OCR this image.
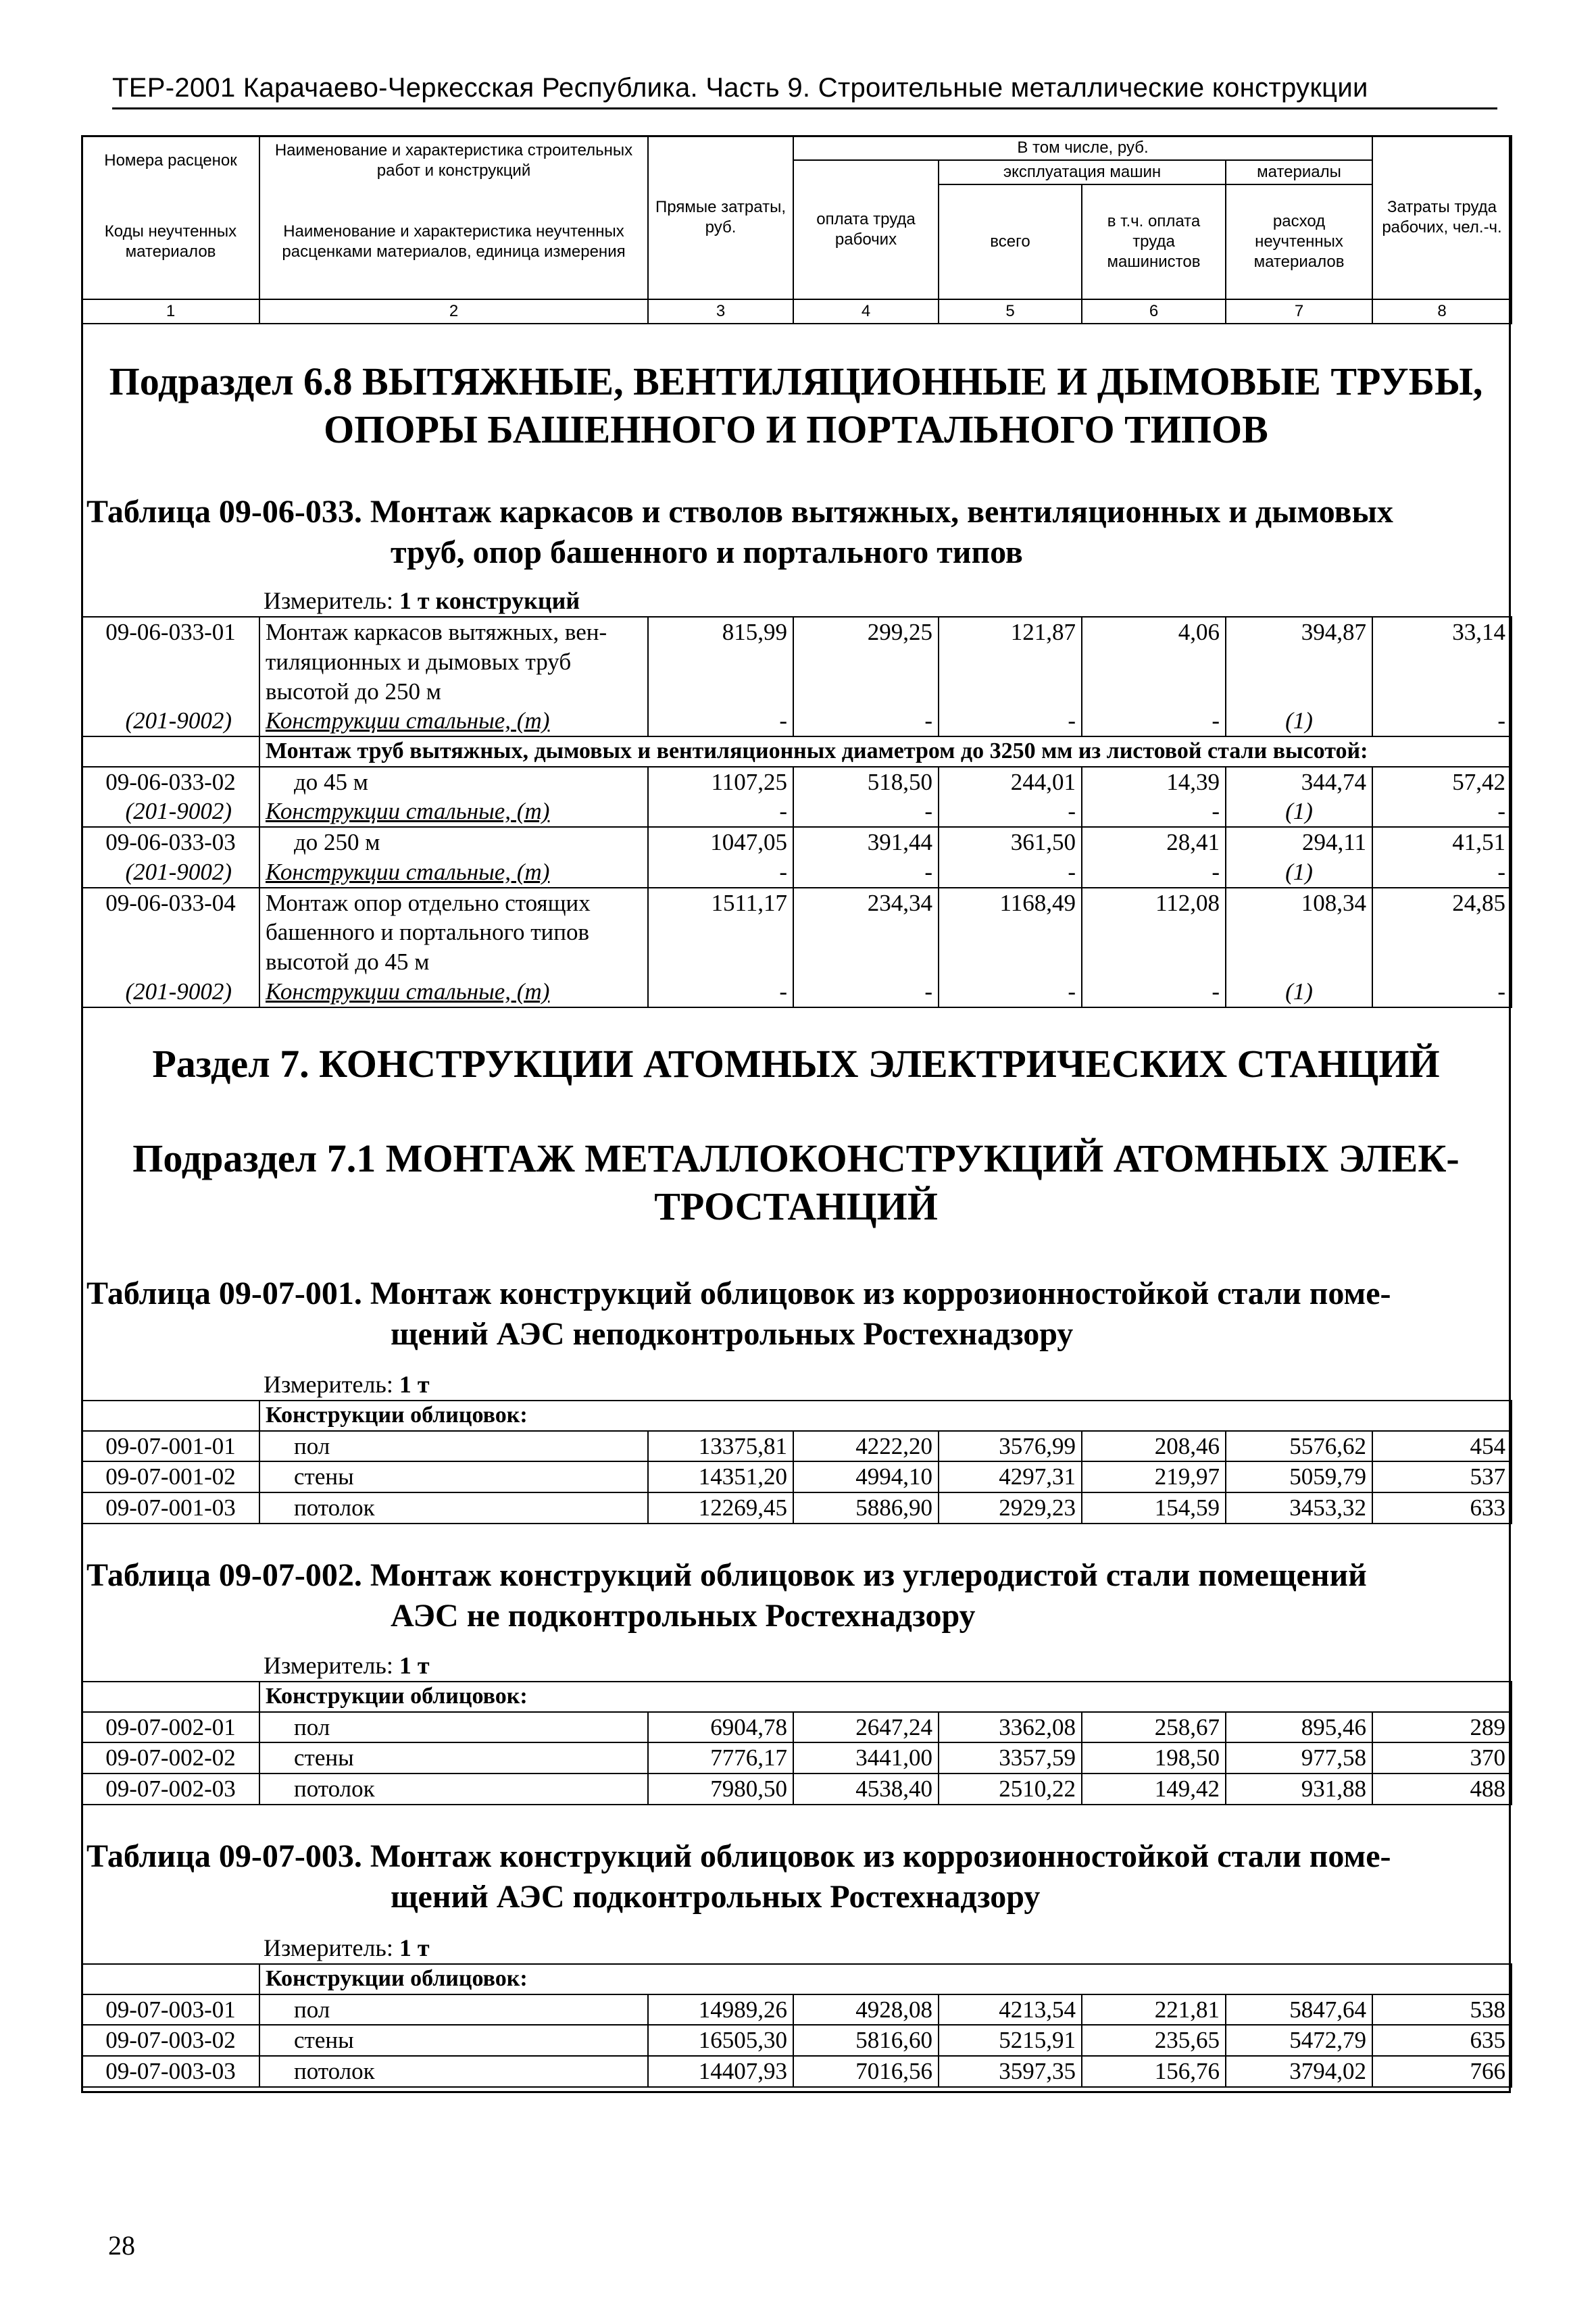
ТЕР-2001 Карачаево-Черкесская Республика. Часть 9. Строительные металлические конструкции
Номера расценок	Наименование и характеристика строительных работ и конструкций	Прямые затраты, руб.	В том числе, руб.				Затраты труда рабочих, чел.-ч.
			оплата труда рабочих	эксплуатация машин		материалы	
Коды неучтенных материалов	Наименование и характеристика неучтенных расценками материалов, единица измерения			всего	в т.ч. оплата труда машинистов	расход неучтенных материалов	
1	2	3	4	5	6	7	8
Подраздел 6.8 ВЫТЯЖНЫЕ, ВЕНТИЛЯЦИОННЫЕ И ДЫМОВЫЕ ТРУБЫ, ОПОРЫ БАШЕННОГО И ПОРТАЛЬНОГО ТИПОВ
Таблица 09-06-033. Монтаж каркасов и стволов вытяжных, вентиляционных и дымовых
труб, опор башенного и портального типов
Измеритель: 1 т конструкций
09-06-033-01	Монтаж каркасов вытяжных, вен-
тиляционных и дымовых труб
высотой до 250 м	815,99	299,25	121,87	4,06	394,87	33,14
(201-9002)	Конструкции стальные, (т)	-	-	-	-	(1)	-
	Монтаж труб вытяжных, дымовых и вентиляционных диаметром до 3250 мм из листовой стали высотой:						
09-06-033-02	до 45 м	1107,25	518,50	244,01	14,39	344,74	57,42
(201-9002)	Конструкции стальные, (т)	-	-	-	-	(1)	-
09-06-033-03	до 250 м	1047,05	391,44	361,50	28,41	294,11	41,51
(201-9002)	Конструкции стальные, (т)	-	-	-	-	(1)	-
09-06-033-04	Монтаж опор отдельно стоящих
башенного и портального типов
высотой до 45 м	1511,17	234,34	1168,49	112,08	108,34	24,85
(201-9002)	Конструкции стальные, (т)	-	-	-	-	(1)	-
Раздел 7. КОНСТРУКЦИИ АТОМНЫХ ЭЛЕКТРИЧЕСКИХ СТАНЦИЙ
Подраздел 7.1 МОНТАЖ МЕТАЛЛОКОНСТРУКЦИЙ АТОМНЫХ ЭЛЕК-
ТРОСТАНЦИЙ
Таблица 09-07-001. Монтаж конструкций облицовок из коррозионностойкой стали поме-
щений АЭС неподконтрольных Ростехнадзору
Измеритель: 1 т
	Конструкции облицовок:						
09-07-001-01	пол	13375,81	4222,20	3576,99	208,46	5576,62	454
09-07-001-02	стены	14351,20	4994,10	4297,31	219,97	5059,79	537
09-07-001-03	потолок	12269,45	5886,90	2929,23	154,59	3453,32	633
Таблица 09-07-002. Монтаж конструкций облицовок из углеродистой стали помещений
АЭС не подконтрольных Ростехнадзору
Измеритель: 1 т
	Конструкции облицовок:						
09-07-002-01	пол	6904,78	2647,24	3362,08	258,67	895,46	289
09-07-002-02	стены	7776,17	3441,00	3357,59	198,50	977,58	370
09-07-002-03	потолок	7980,50	4538,40	2510,22	149,42	931,88	488
Таблица 09-07-003. Монтаж конструкций облицовок из коррозионностойкой стали поме-
щений АЭС подконтрольных Ростехнадзору
Измеритель: 1 т
	Конструкции облицовок:						
09-07-003-01	пол	14989,26	4928,08	4213,54	221,81	5847,64	538
09-07-003-02	стены	16505,30	5816,60	5215,91	235,65	5472,79	635
09-07-003-03	потолок	14407,93	7016,56	3597,35	156,76	3794,02	766
28
